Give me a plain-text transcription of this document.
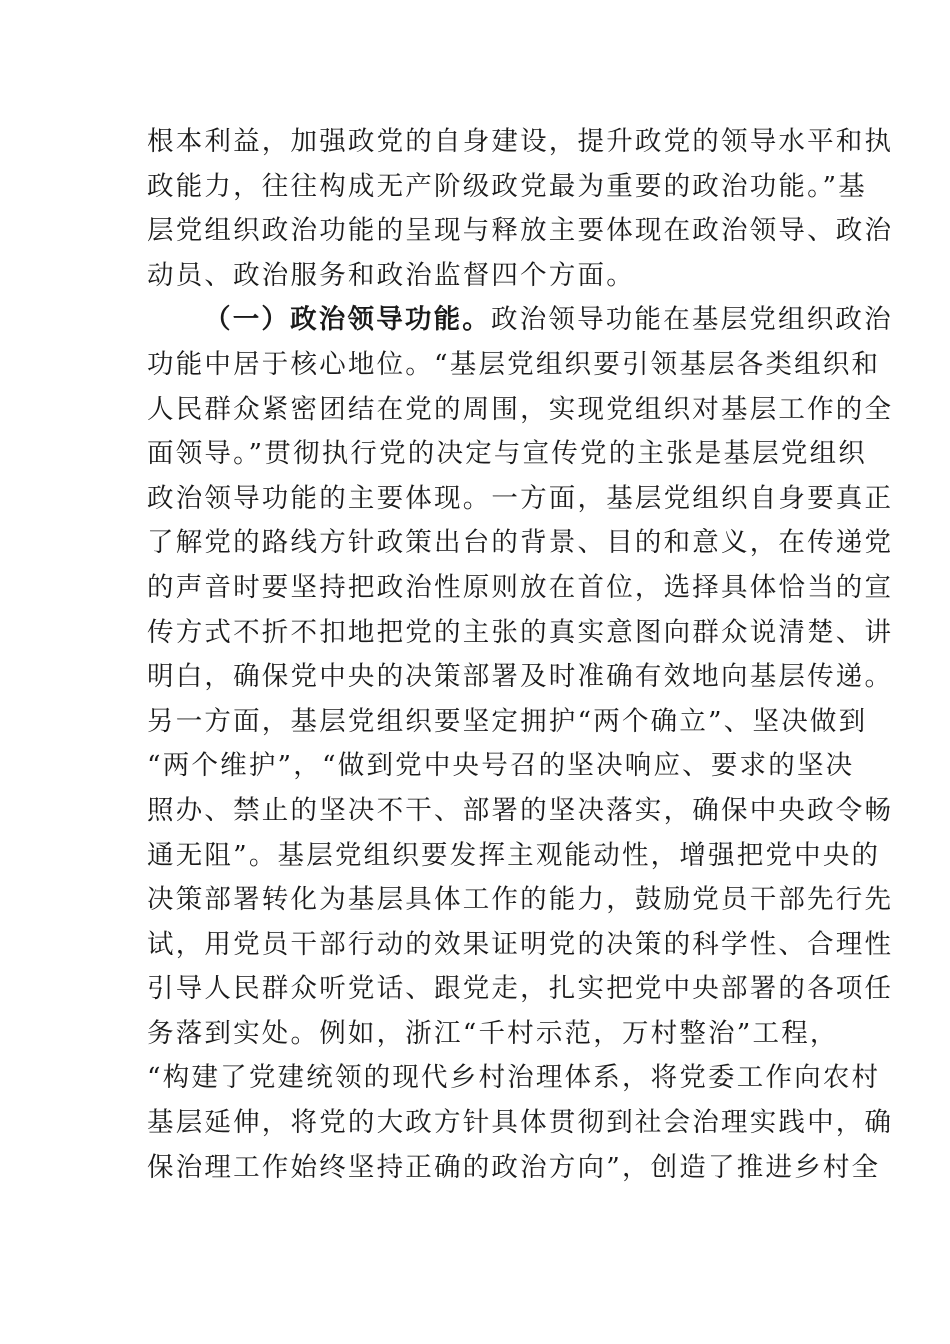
根本利益，加强政党的自身建设，提升政党的领导水平和执
政能力，往往构成无产阶级政党最为重要的政治功能。”基
层党组织政治功能的呈现与释放主要体现在政治领导、政治
动员、政治服务和政治监督四个方面。
（一）政治领导功能。政治领导功能在基层党组织政治
功能中居于核心地位。“基层党组织要引领基层各类组织和
人民群众紧密团结在党的周围，实现党组织对基层工作的全
面领导。”贯彻执行党的决定与宣传党的主张是基层党组织
政治领导功能的主要体现。一方面，基层党组织自身要真正
了解党的路线方针政策出台的背景、目的和意义，在传递党
的声音时要坚持把政治性原则放在首位，选择具体恰当的宣
传方式不折不扣地把党的主张的真实意图向群众说清楚、讲
明白，确保党中央的决策部署及时准确有效地向基层传递。
另一方面，基层党组织要坚定拥护“两个确立”、坚决做到
“两个维护”，“做到党中央号召的坚决响应、要求的坚决
照办、禁止的坚决不干、部署的坚决落实，确保中央政令畅
通无阻”。基层党组织要发挥主观能动性，增强把党中央的
决策部署转化为基层具体工作的能力，鼓励党员干部先行先
试，用党员干部行动的效果证明党的决策的科学性、合理性
引导人民群众听党话、跟党走，扎实把党中央部署的各项任
务落到实处。例如，浙江“千村示范，万村整治”工程，
“构建了党建统领的现代乡村治理体系，将党委工作向农村
基层延伸，将党的大政方针具体贯彻到社会治理实践中，确
保治理工作始终坚持正确的政治方向”，创造了推进乡村全
